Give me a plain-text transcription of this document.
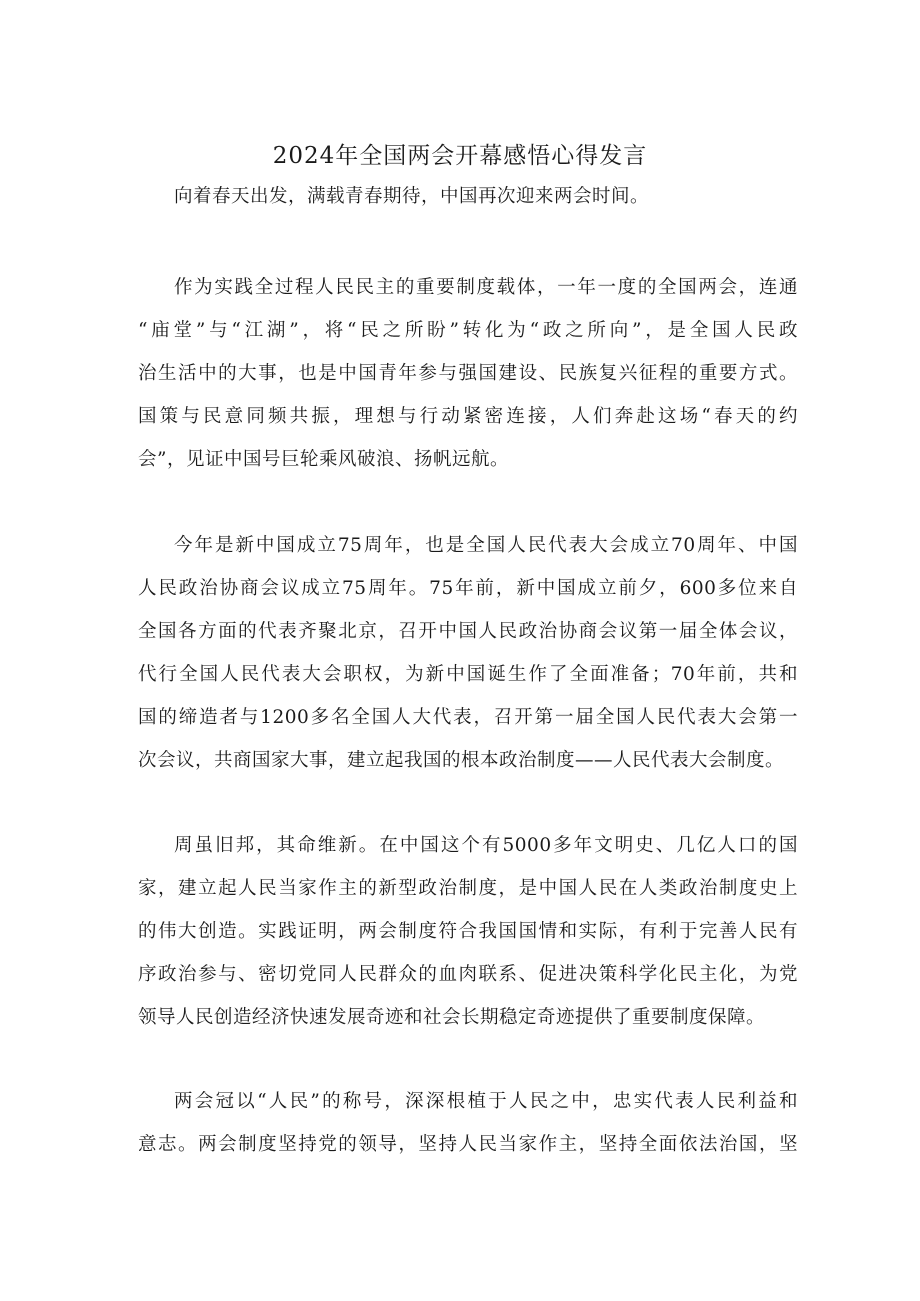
2024年全国两会开幕感悟心得发言
向着春天出发，满载青春期待，中国再次迎来两会时间。
作为实践全过程人民民主的重要制度载体，一年一度的全国两会，连通
“庙堂”与“江湖”，将“民之所盼”转化为“政之所向”，是全国人民政
治生活中的大事，也是中国青年参与强国建设、民族复兴征程的重要方式。
国策与民意同频共振，理想与行动紧密连接，人们奔赴这场“春天的约
会”，见证中国号巨轮乘风破浪、扬帆远航。
今年是新中国成立75周年，也是全国人民代表大会成立70周年、中国
人民政治协商会议成立75周年。75年前，新中国成立前夕，600多位来自
全国各方面的代表齐聚北京，召开中国人民政治协商会议第一届全体会议，
代行全国人民代表大会职权，为新中国诞生作了全面准备；70年前，共和
国的缔造者与1200多名全国人大代表，召开第一届全国人民代表大会第一
次会议，共商国家大事，建立起我国的根本政治制度——人民代表大会制度。
周虽旧邦，其命维新。在中国这个有5000多年文明史、几亿人口的国
家，建立起人民当家作主的新型政治制度，是中国人民在人类政治制度史上
的伟大创造。实践证明，两会制度符合我国国情和实际，有利于完善人民有
序政治参与、密切党同人民群众的血肉联系、促进决策科学化民主化，为党
领导人民创造经济快速发展奇迹和社会长期稳定奇迹提供了重要制度保障。
两会冠以“人民”的称号，深深根植于人民之中，忠实代表人民利益和
意志。两会制度坚持党的领导，坚持人民当家作主，坚持全面依法治国，坚
